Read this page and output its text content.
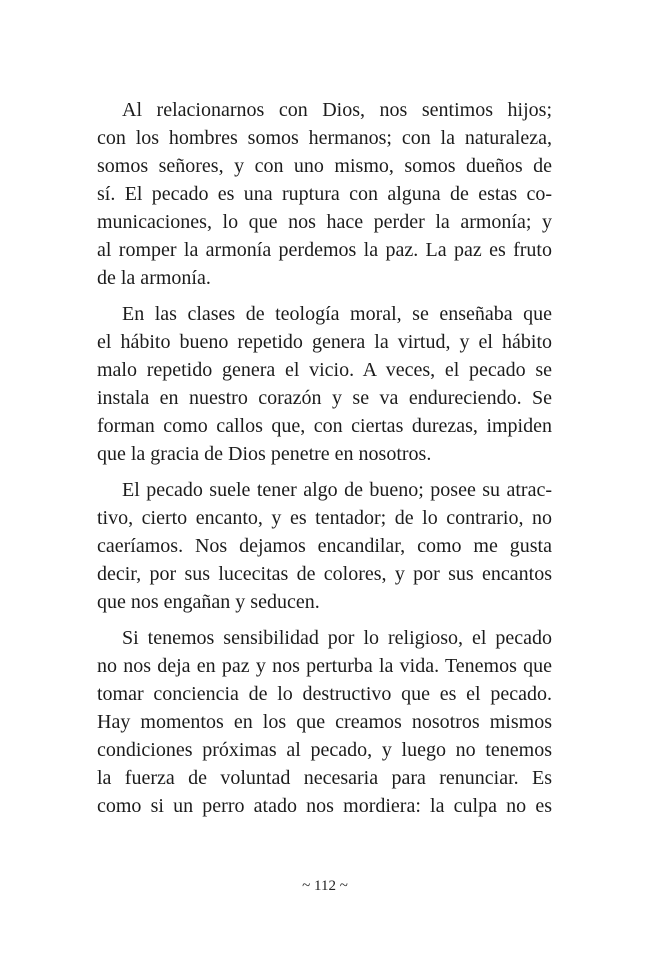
Al relacionarnos con Dios, nos sentimos hijos;
con los hombres somos hermanos; con la naturaleza,
somos señores, y con uno mismo, somos dueños de
sí. El pecado es una ruptura con alguna de estas co-
municaciones, lo que nos hace perder la armonía; y
al romper la armonía perdemos la paz. La paz es fruto
de la armonía.
En las clases de teología moral, se enseñaba que
el hábito bueno repetido genera la virtud, y el hábito
malo repetido genera el vicio. A veces, el pecado se
instala en nuestro corazón y se va endureciendo. Se
forman como callos que, con ciertas durezas, impiden
que la gracia de Dios penetre en nosotros.
El pecado suele tener algo de bueno; posee su atrac-
tivo, cierto encanto, y es tentador; de lo contrario, no
caeríamos. Nos dejamos encandilar, como me gusta
decir, por sus lucecitas de colores, y por sus encantos
que nos engañan y seducen.
Si tenemos sensibilidad por lo religioso, el pecado
no nos deja en paz y nos perturba la vida. Tenemos que
tomar conciencia de lo destructivo que es el pecado.
Hay momentos en los que creamos nosotros mismos
condiciones próximas al pecado, y luego no tenemos
la fuerza de voluntad necesaria para renunciar. Es
como si un perro atado nos mordiera: la culpa no es
~ 112 ~
